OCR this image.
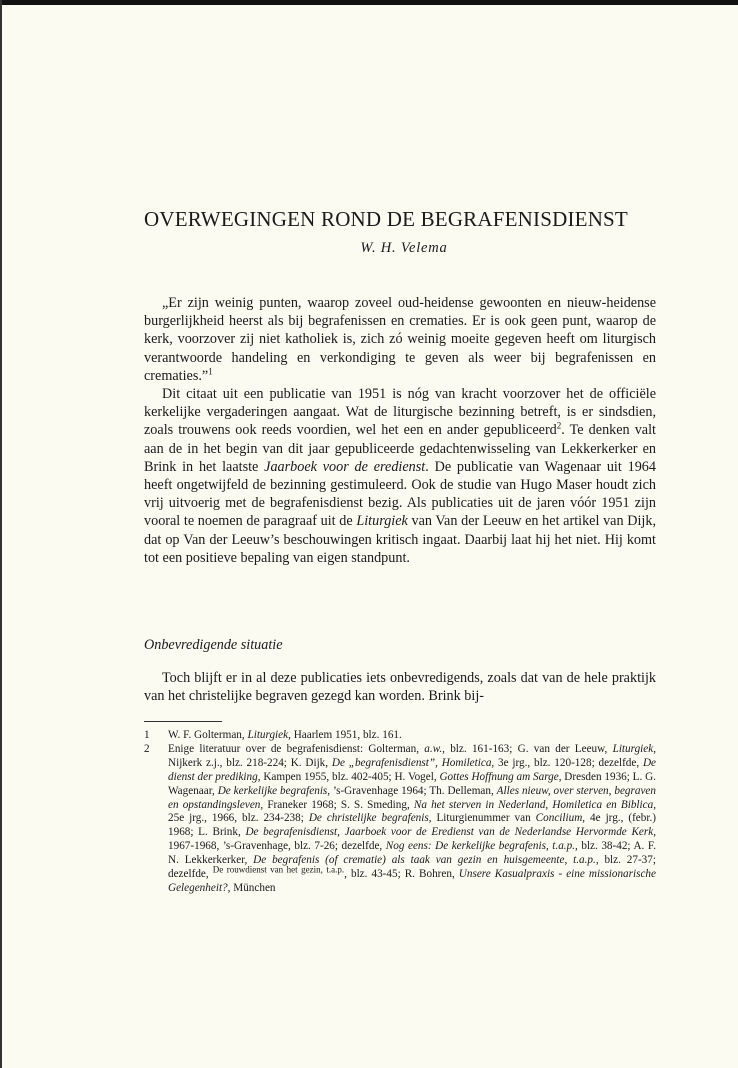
OVERWEGINGEN ROND DE BEGRAFENISDIENST
W. H. Velema

„Er zijn weinig punten, waarop zoveel oud-heidense gewoonten en nieuw-heidense burgerlijkheid heerst als bij begrafenissen en crematies. Er is ook geen punt, waarop de kerk, voorzover zij niet katholiek is, zich zó weinig moeite gegeven heeft om liturgisch verantwoorde handeling en verkondiging te geven als weer bij begrafenissen en crematies.”$^1$

Dit citaat uit een publicatie van 1951 is nóg van kracht voorzover het de officiële kerkelijke vergaderingen aangaat. Wat de liturgische bezinning betreft, is er sindsdien, zoals trouwens ook reeds voordien, wel het een en ander gepubliceerd$^2$. Te denken valt aan de in het begin van dit jaar gepubliceerde gedachtenwisseling van Lekkerkerker en Brink in het laatste Jaarboek voor de eredienst. De publicatie van Wagenaar uit 1964 heeft ongetwijfeld de bezinning gestimuleerd. Ook de studie van Hugo Maser houdt zich vrij uitvoerig met de begrafenisdienst bezig. Als publicaties uit de jaren vóór 1951 zijn vooral te noemen de paragraaf uit de Liturgiek van Van der Leeuw en het artikel van Dijk, dat op Van der Leeuw’s beschouwingen kritisch ingaat. Daarbij laat hij het niet. Hij komt tot een positieve bepaling van eigen standpunt.

Onbevredigende situatie

Toch blijft er in al deze publicaties iets onbevredigends, zoals dat van de hele praktijk van het christelijke begraven gezegd kan worden. Brink bij-

1	W. F. Golterman, Liturgiek, Haarlem 1951, blz. 161.
2	Enige literatuur over de begrafenisdienst: Golterman, a.w., blz. 161-163; G. van der Leeuw, Liturgiek, Nijkerk z.j., blz. 218-224; K. Dijk, De „begrafenisdienst”, Homiletica, 3e jrg., blz. 120-128; dezelfde, De dienst der prediking, Kampen 1955, blz. 402-405; H. Vogel, Gottes Hoffnung am Sarge, Dresden 1936; L. G. Wagenaar, De kerkelijke begrafenis, ’s-Gravenhage 1964; Th. Delleman, Alles nieuw, over sterven, begraven en opstandingsleven, Franeker 1968; S. S. Smeding, Na het sterven in Nederland, Homiletica en Biblica, 25e jrg., 1966, blz. 234-238; De christelijke begrafenis, Liturgienummer van Concilium, 4e jrg., (febr.) 1968; L. Brink, De begrafenisdienst, Jaarboek voor de Eredienst van de Nederlandse Hervormde Kerk, 1967-1968, ’s-Gravenhage, blz. 7-26; dezelfde, Nog eens: De kerkelijke begrafenis, t.a.p., blz. 38-42; A. F. N. Lekkerkerker, De begrafenis (of crematie) als taak van gezin en huisgemeente, t.a.p., blz. 27-37; dezelfde, $^{De rouwdienst van het gezin, t.a.p.}$, blz. 43-45; R. Bohren, Unsere Kasualpraxis - eine missionarische Gelegenheit?, München
